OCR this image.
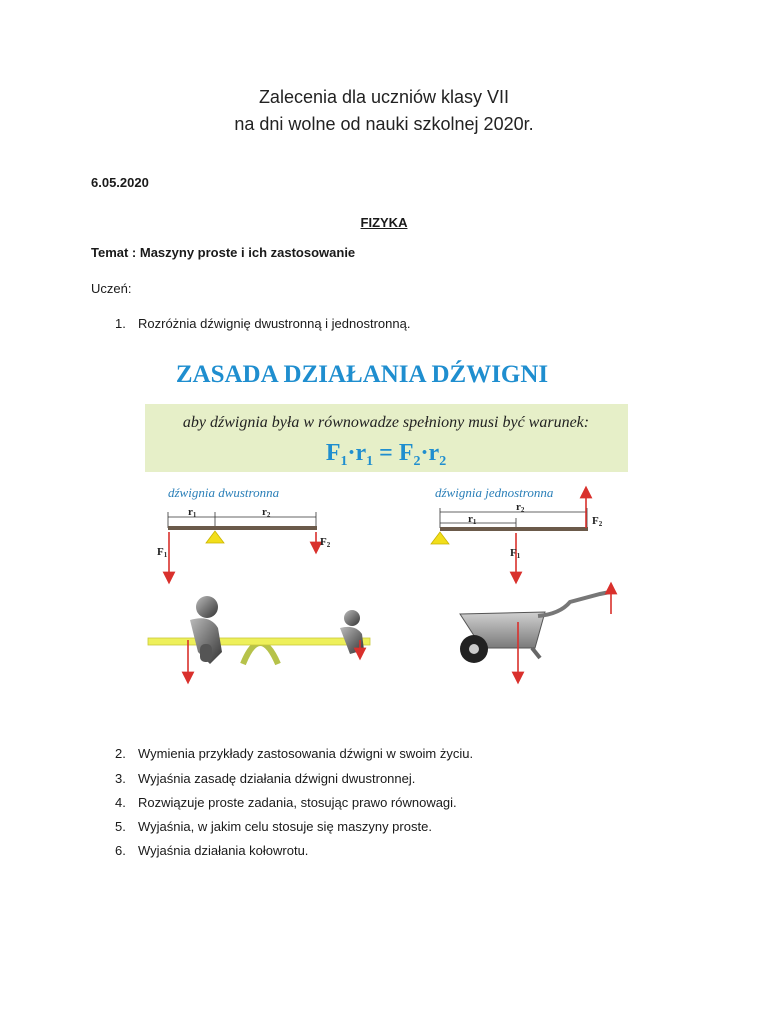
Zalecenia dla uczniów klasy VII
na dni wolne od nauki szkolnej 2020r.
6.05.2020
FIZYKA
Temat : Maszyny proste i ich zastosowanie
Uczeń:
1. Rozróżnia dźwignię dwustronną i jednostronną.
ZASADA DZIAŁANIA DŹWIGNI
aby dźwignia była w równowadze spełniony musi być warunek:
$F_1\cdot r_1 = F_2\cdot r_2$
dźwignia dwustronna
r1	r2
F1
F2
dźwignia jednostronna
r2
r1	F2
F1
2. Wymienia przykłady zastosowania dźwigni w swoim życiu.
3. Wyjaśnia zasadę działania dźwigni dwustronnej.
4. Rozwiązuje proste zadania, stosując prawo równowagi.
5. Wyjaśnia, w jakim celu stosuje się maszyny proste.
6. Wyjaśnia działania kołowrotu.
